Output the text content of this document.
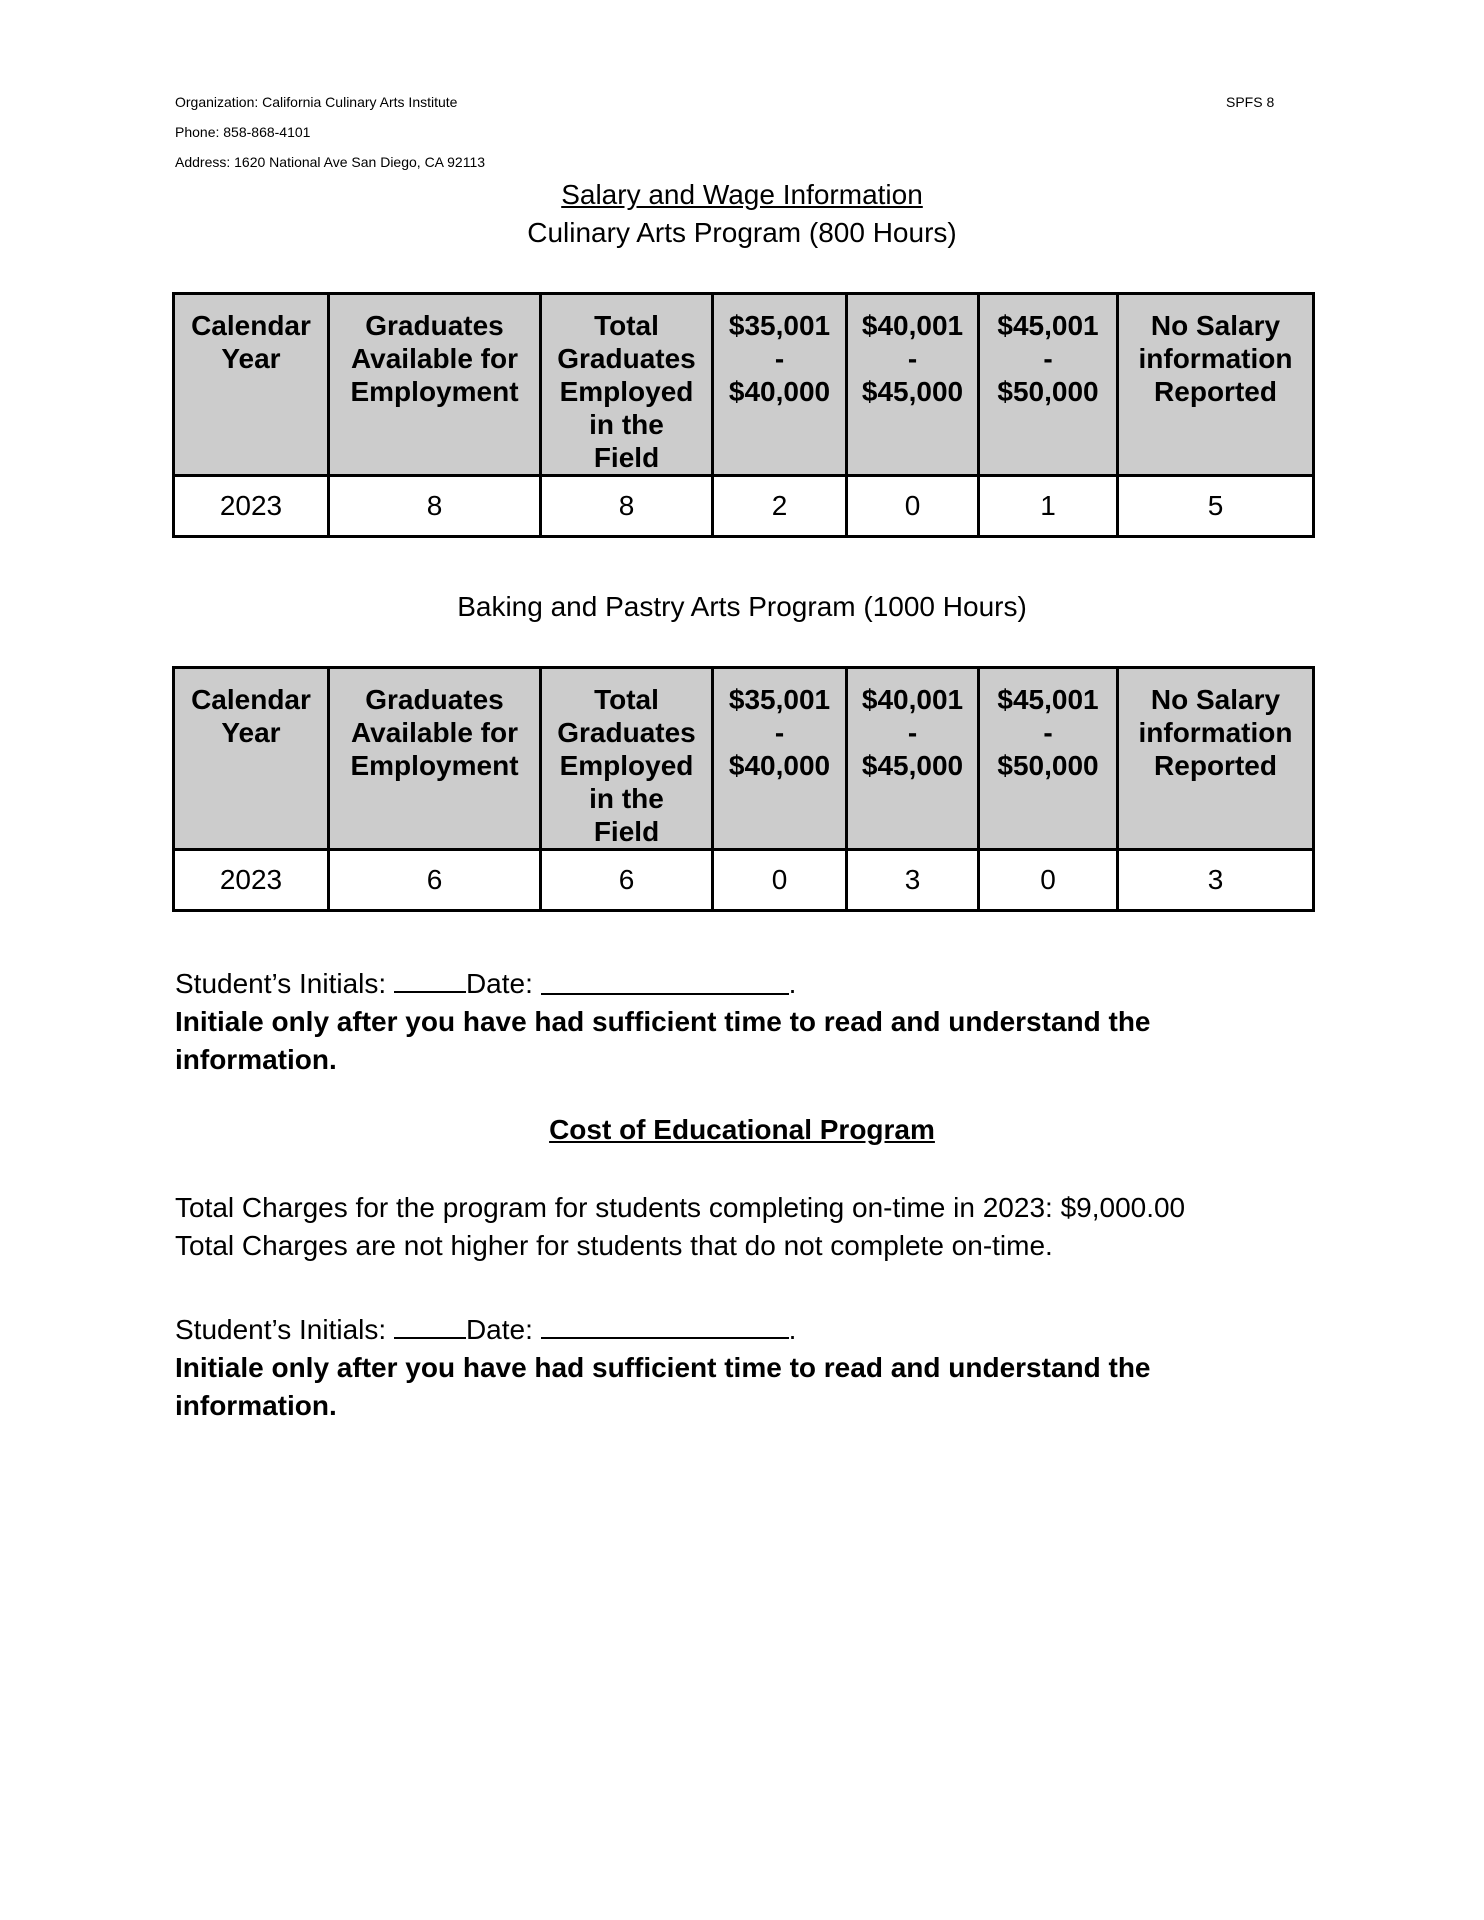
Organization: California Culinary Arts Institute
Phone: 858-868-4101
Address: 1620 National Ave San Diego, CA 92113
SPFS 8
Salary and Wage Information
Culinary Arts Program (800 Hours)
Calendar
Year	Graduates
Available for
Employment	Total
Graduates
Employed
in the
Field	$35,001
-
$40,000	$40,001
-
$45,000	$45,001
-
$50,000	No Salary
information
Reported

2023	8	8	2	0	1	5
Baking and Pastry Arts Program (1000 Hours)
Calendar
Year	Graduates
Available for
Employment	Total
Graduates
Employed
in the
Field	$35,001
-
$40,000	$40,001
-
$45,000	$45,001
-
$50,000	No Salary
information
Reported

2023	6	6	0	3	0	3
Student’s Initials:	Date:	.
Initiale only after you have had sufficient time to read and understand the information.
Cost of Educational Program
Total Charges for the program for students completing on-time in 2023: $9,000.00
Total Charges are not higher for students that do not complete on-time.
Student’s Initials:	Date:	.
Initiale only after you have had sufficient time to read and understand the information.
